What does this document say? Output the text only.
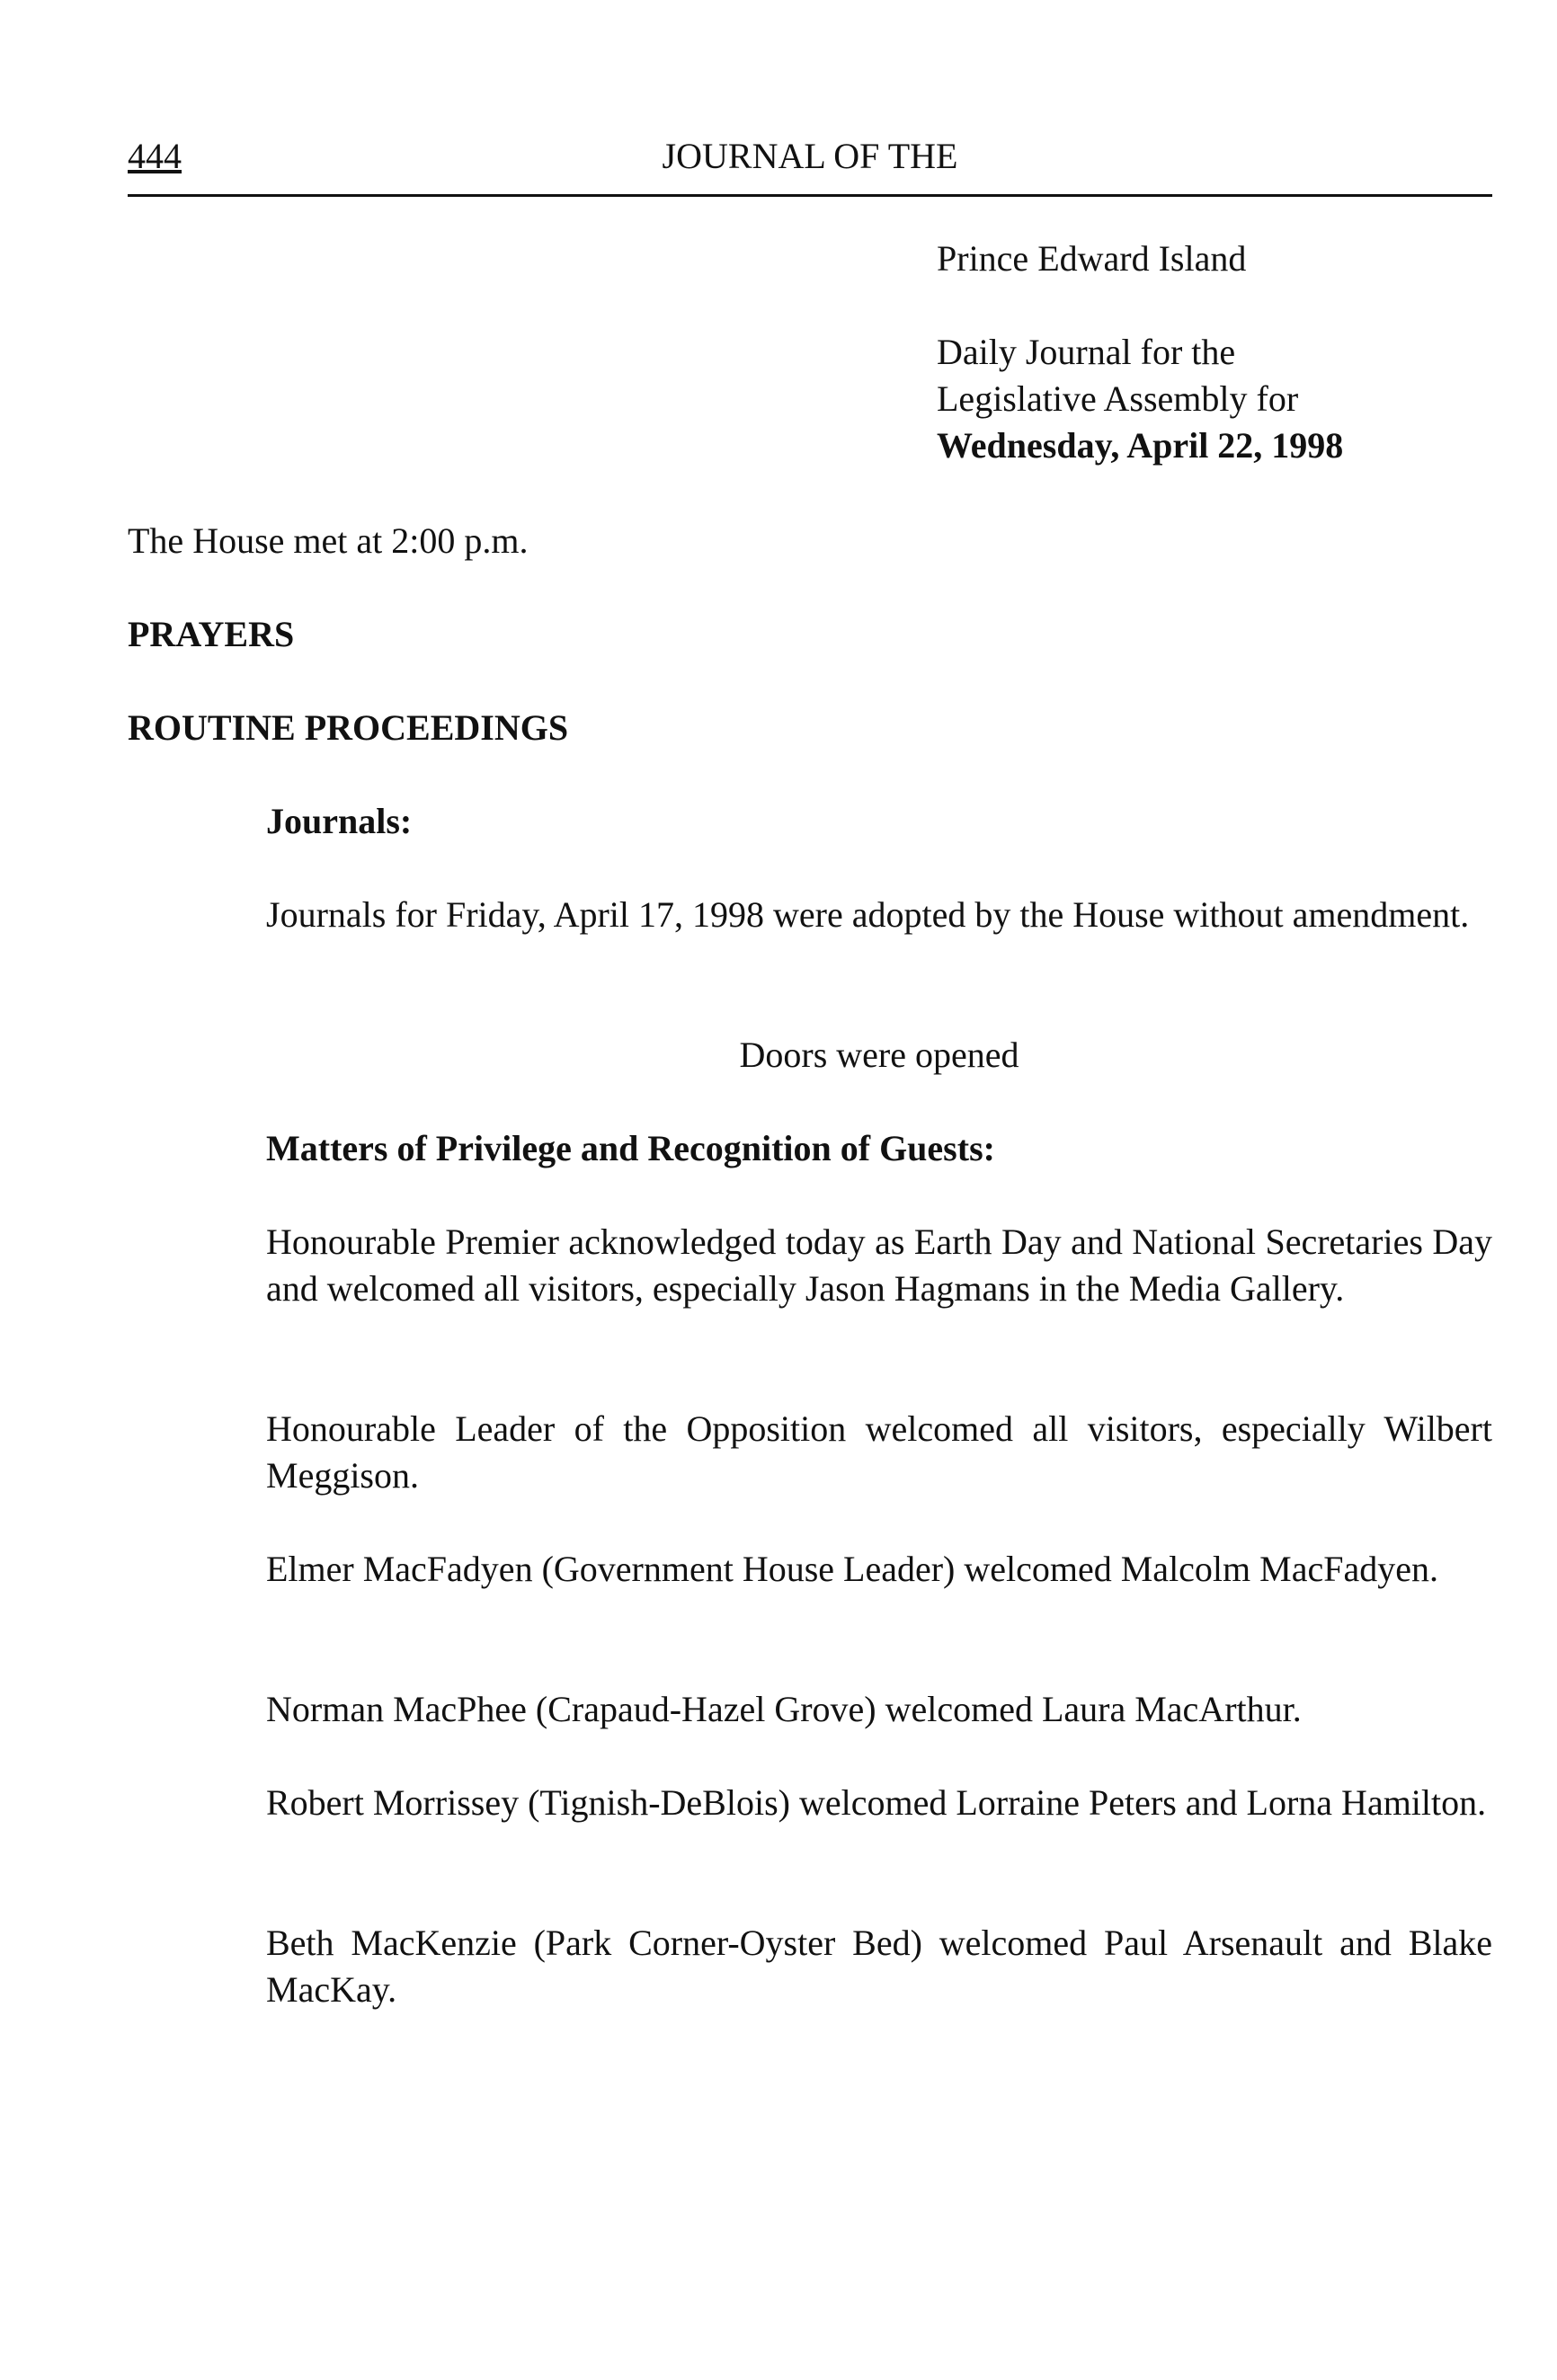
444	JOURNAL OF THE
Prince Edward Island
Daily Journal for the
Legislative Assembly for
Wednesday, April 22, 1998
The House met at 2:00 p.m.
PRAYERS
ROUTINE PROCEEDINGS
Journals:
Journals for Friday, April 17, 1998 were adopted by the House without amendment.
Doors were opened
Matters of Privilege and Recognition of Guests:
Honourable Premier acknowledged today as Earth Day and National Secretaries Day and welcomed all visitors, especially Jason Hagmans in the Media Gallery.
Honourable Leader of the Opposition welcomed all visitors, especially Wilbert Meggison.
Elmer MacFadyen (Government House Leader) welcomed Malcolm MacFadyen.
Norman MacPhee (Crapaud-Hazel Grove) welcomed Laura MacArthur.
Robert Morrissey (Tignish-DeBlois) welcomed Lorraine Peters and Lorna Hamilton.
Beth MacKenzie (Park Corner-Oyster Bed) welcomed Paul Arsenault and Blake MacKay.
